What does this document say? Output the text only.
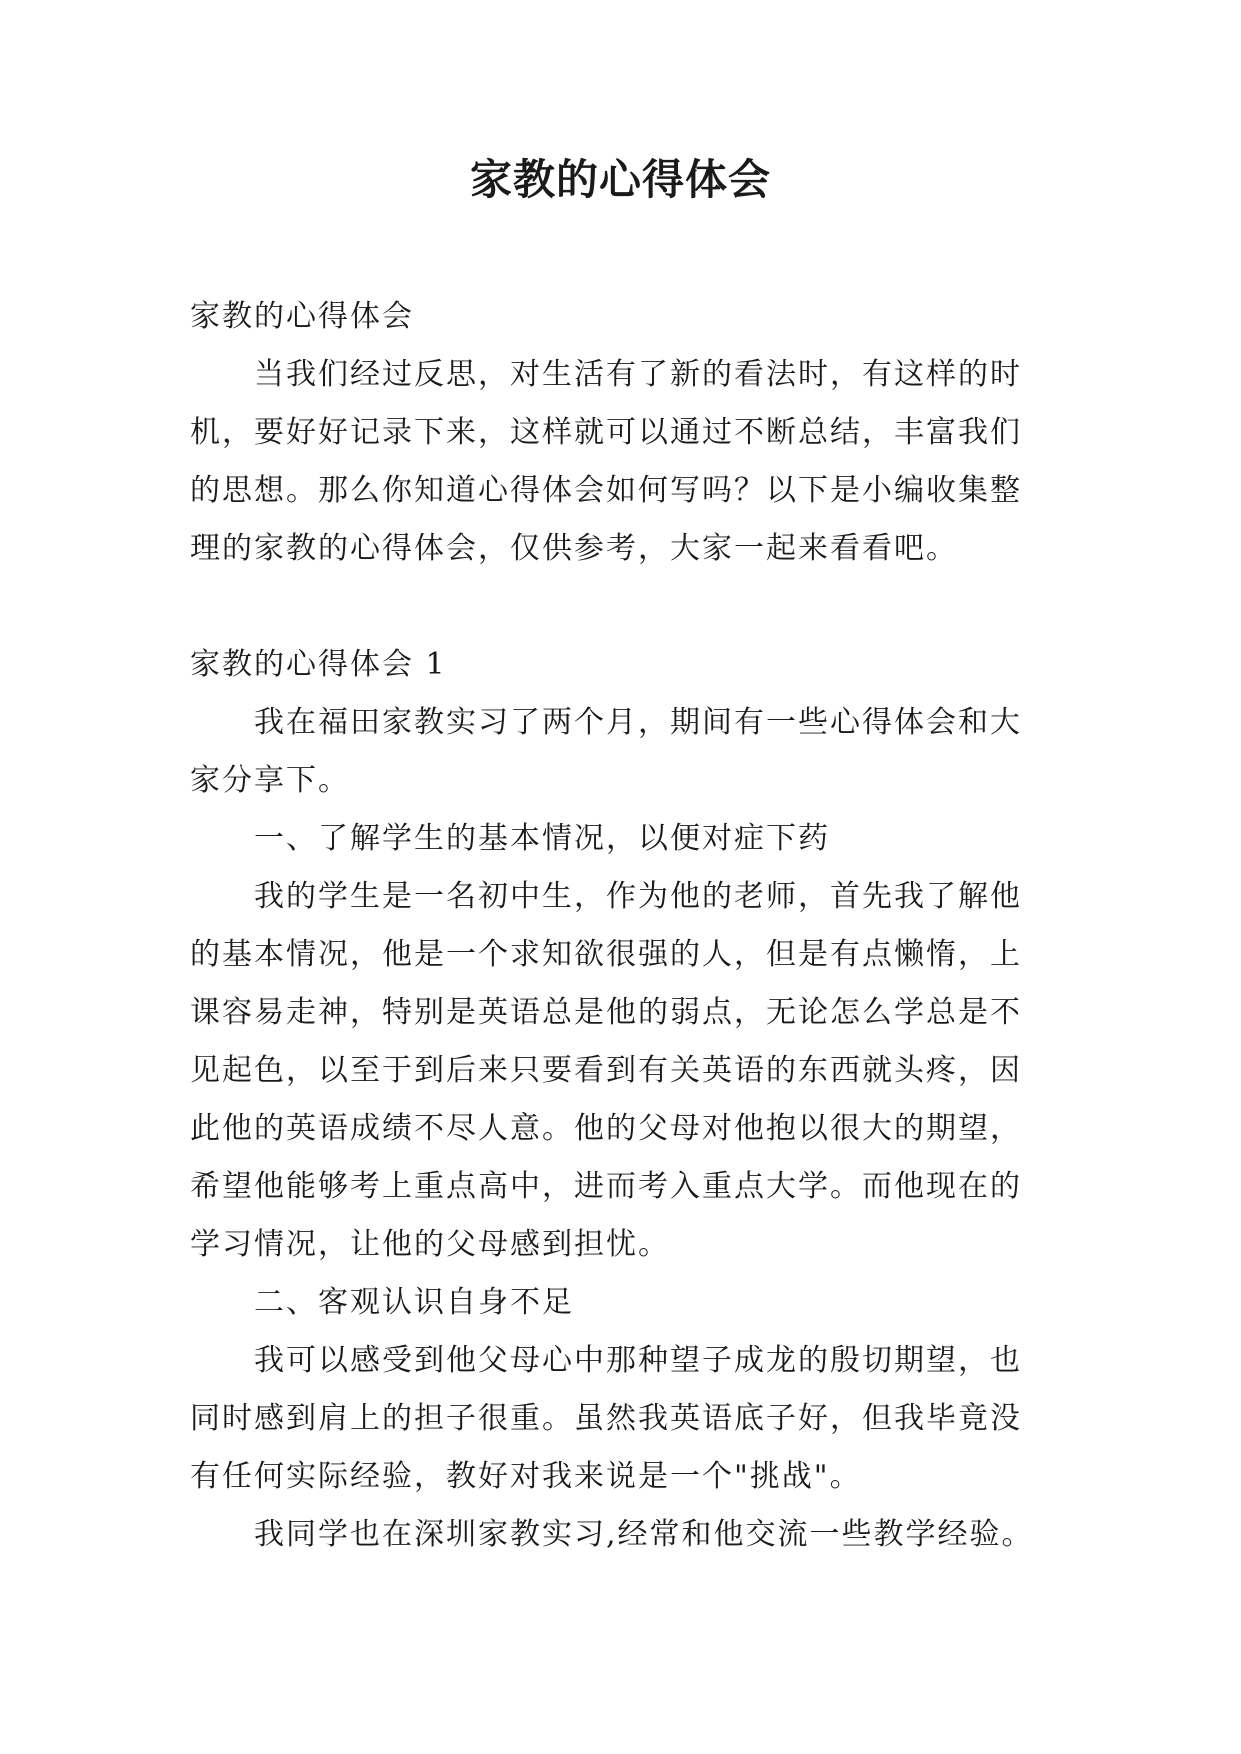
家教的心得体会

家教的心得体会

当我们经过反思，对生活有了新的看法时，有这样的时机，要好好记录下来，这样就可以通过不断总结，丰富我们的思想。那么你知道心得体会如何写吗？以下是小编收集整理的家教的心得体会，仅供参考，大家一起来看看吧。

家教的心得体会 1

我在福田家教实习了两个月，期间有一些心得体会和大家分享下。

一、了解学生的基本情况，以便对症下药

我的学生是一名初中生，作为他的老师，首先我了解他的基本情况，他是一个求知欲很强的人，但是有点懒惰，上课容易走神，特别是英语总是他的弱点，无论怎么学总是不见起色，以至于到后来只要看到有关英语的东西就头疼，因此他的英语成绩不尽人意。他的父母对他抱以很大的期望，希望他能够考上重点高中，进而考入重点大学。而他现在的学习情况，让他的父母感到担忧。

二、客观认识自身不足

我可以感受到他父母心中那种望子成龙的殷切期望，也同时感到肩上的担子很重。虽然我英语底子好，但我毕竟没有任何实际经验，教好对我来说是一个"挑战"。

我同学也在深圳家教实习,经常和他交流一些教学经验。
